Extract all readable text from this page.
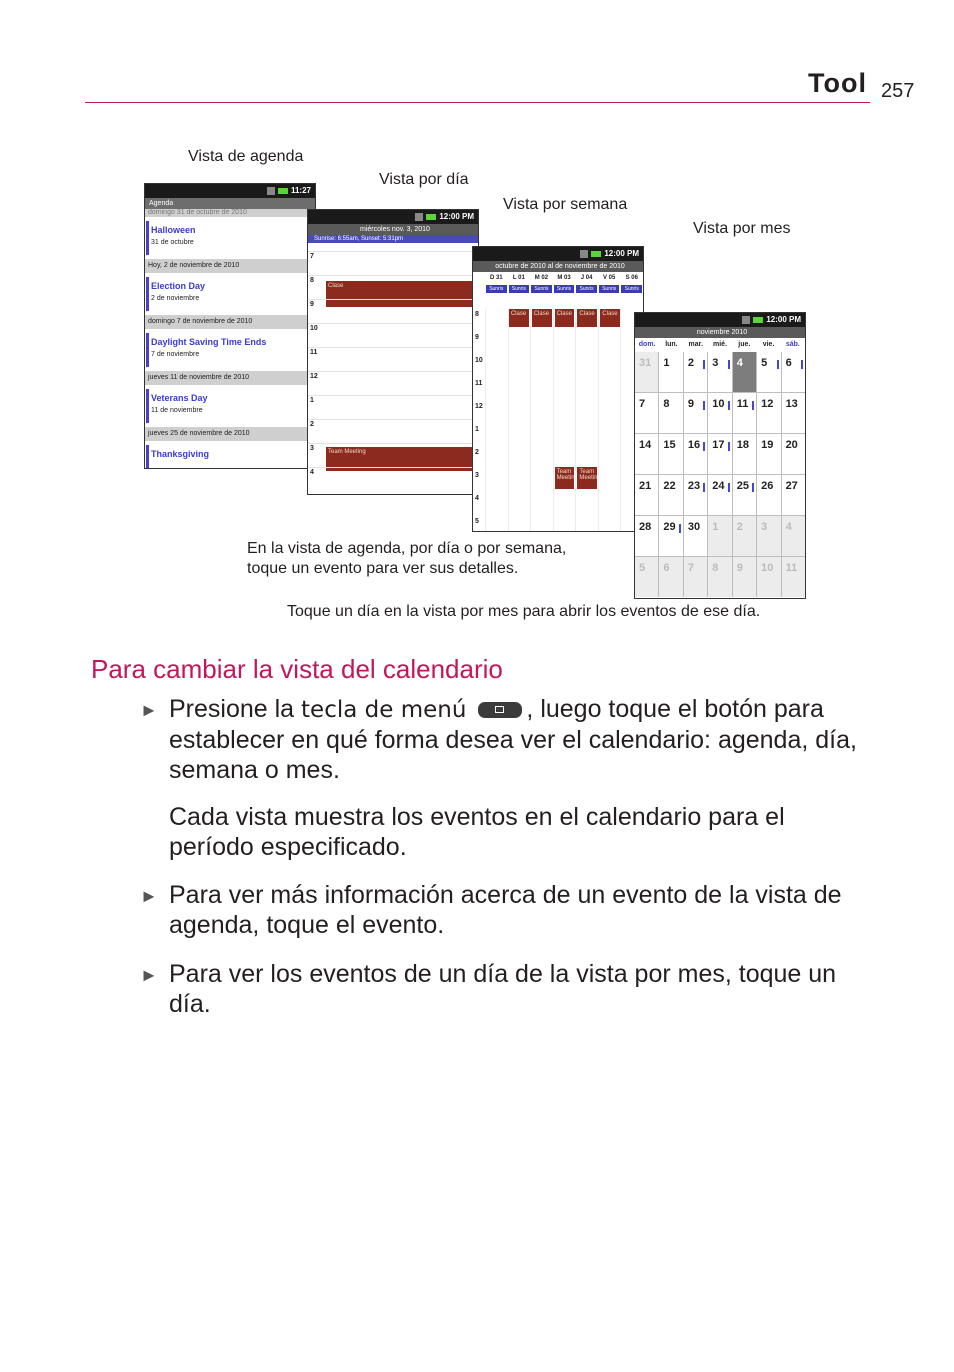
Tool 257
Vista de agenda
Vista por día
Vista por semana
Vista por mes
11:27
Agenda
domingo 31 de octubre de 2010
Halloween
31 de octubre
Hoy, 2 de noviembre de 2010
Election Day
2 de noviembre
domingo 7 de noviembre de 2010
Daylight Saving Time Ends
7 de noviembre
jueves 11 de noviembre de 2010
Veterans Day
11 de noviembre
jueves 25 de noviembre de 2010
Thanksgiving
12:00 PM
miércoles nov. 3, 2010
Sunrise: 6:55am, Sunset: 5:31pm
Clase
Team Meeting
7
8
9
10
11
12
1
2
3
4
12:00 PM
octubre de 2010 al de noviembre de 2010
D 31	L 01	M 02	M 03	J 04	V 05	S 06
Sunris	Sunris	Sunris	Sunris	Sunris	Sunris	Sunris
8
9
10
11
12
1
2
3
4
5
Clase	Clase	Clase	Clase	Clase
Team Meetin
Team Meetin
12:00 PM
noviembre 2010
dom.	lun.	mar.	mié.	jue.	vie.	sáb.
31	1	2	3	4	5	6
7	8	9	10	11	12	13
14	15	16	17	18	19	20
21	22	23	24	25	26	27
28	29	30	1	2	3	4
5	6	7	8	9	10	11
En la vista de agenda, por día o por semana,
toque un evento para ver sus detalles.
Toque un día en la vista por mes para abrir los eventos de ese día.
Para cambiar la vista del calendario
► Presione la tecla de menú , luego toque el botón para establecer en qué forma desea ver el calendario: agenda, día, semana o mes.
Cada vista muestra los eventos en el calendario para el período especificado.
► Para ver más información acerca de un evento de la vista de agenda, toque el evento.
► Para ver los eventos de un día de la vista por mes, toque un día.
